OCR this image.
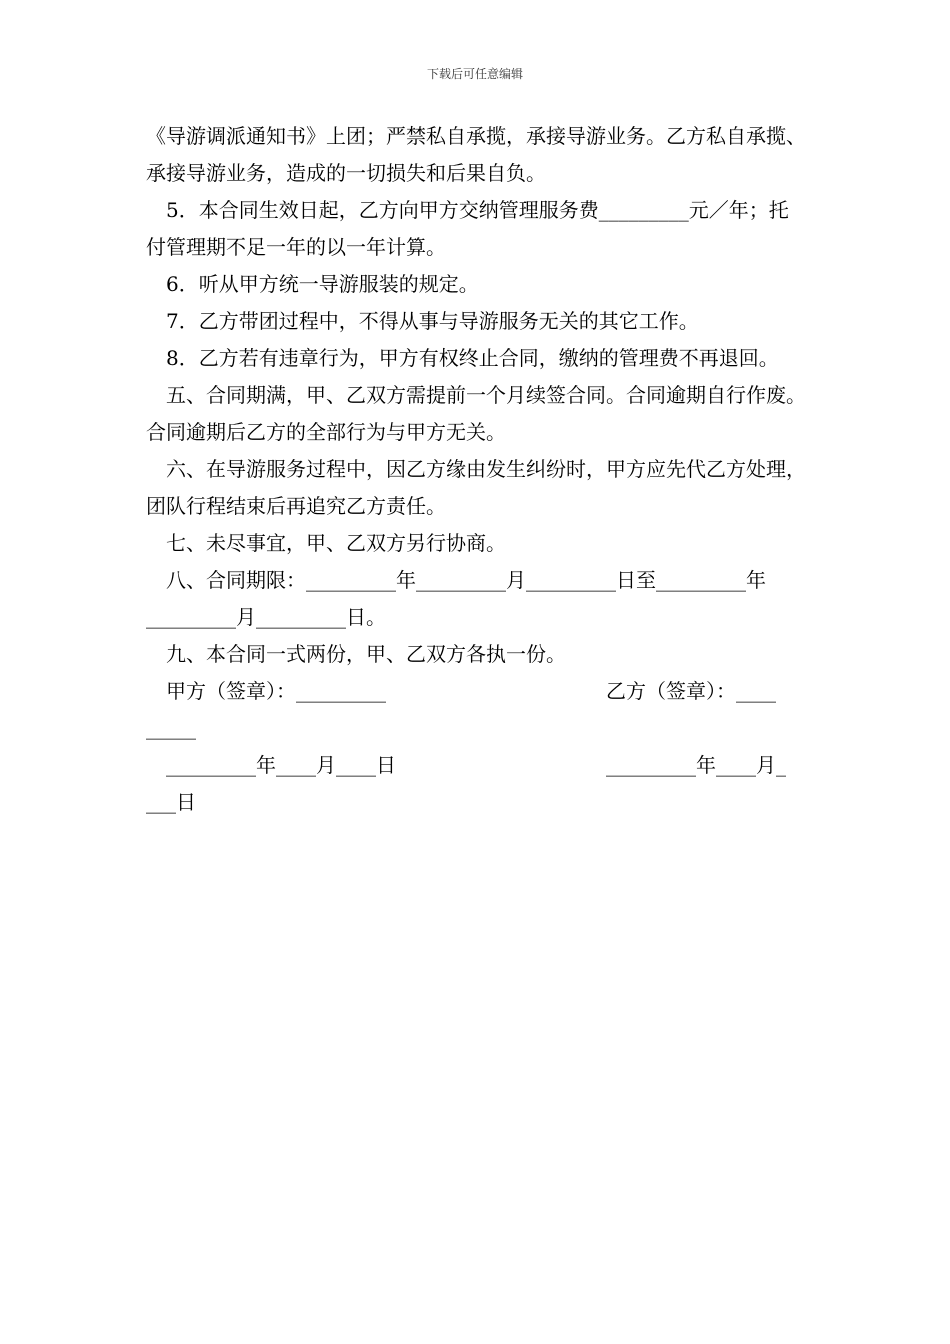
下载后可任意编辑

《导游调派通知书》上团；严禁私自承揽，承接导游业务。乙方私自承揽、承接导游业务，造成的一切损失和后果自负。

5．本合同生效日起，乙方向甲方交纳管理服务费_________元／年；托付管理期不足一年的以一年计算。

6．听从甲方统一导游服装的规定。

7．乙方带团过程中，不得从事与导游服务无关的其它工作。

8．乙方若有违章行为，甲方有权终止合同，缴纳的管理费不再退回。

五、合同期满，甲、乙双方需提前一个月续签合同。合同逾期自行作废。合同逾期后乙方的全部行为与甲方无关。

六、在导游服务过程中，因乙方缘由发生纠纷时，甲方应先代乙方处理，团队行程结束后再追究乙方责任。

七、未尽事宜，甲、乙双方另行协商。

八、合同期限：_________年_________月_________日至_________年_________月_________日。

九、本合同一式两份，甲、乙双方各执一份。

甲方（签章）：_________	乙方（签章）：____
_____
_________年____月____日	_________年____月_
___日
